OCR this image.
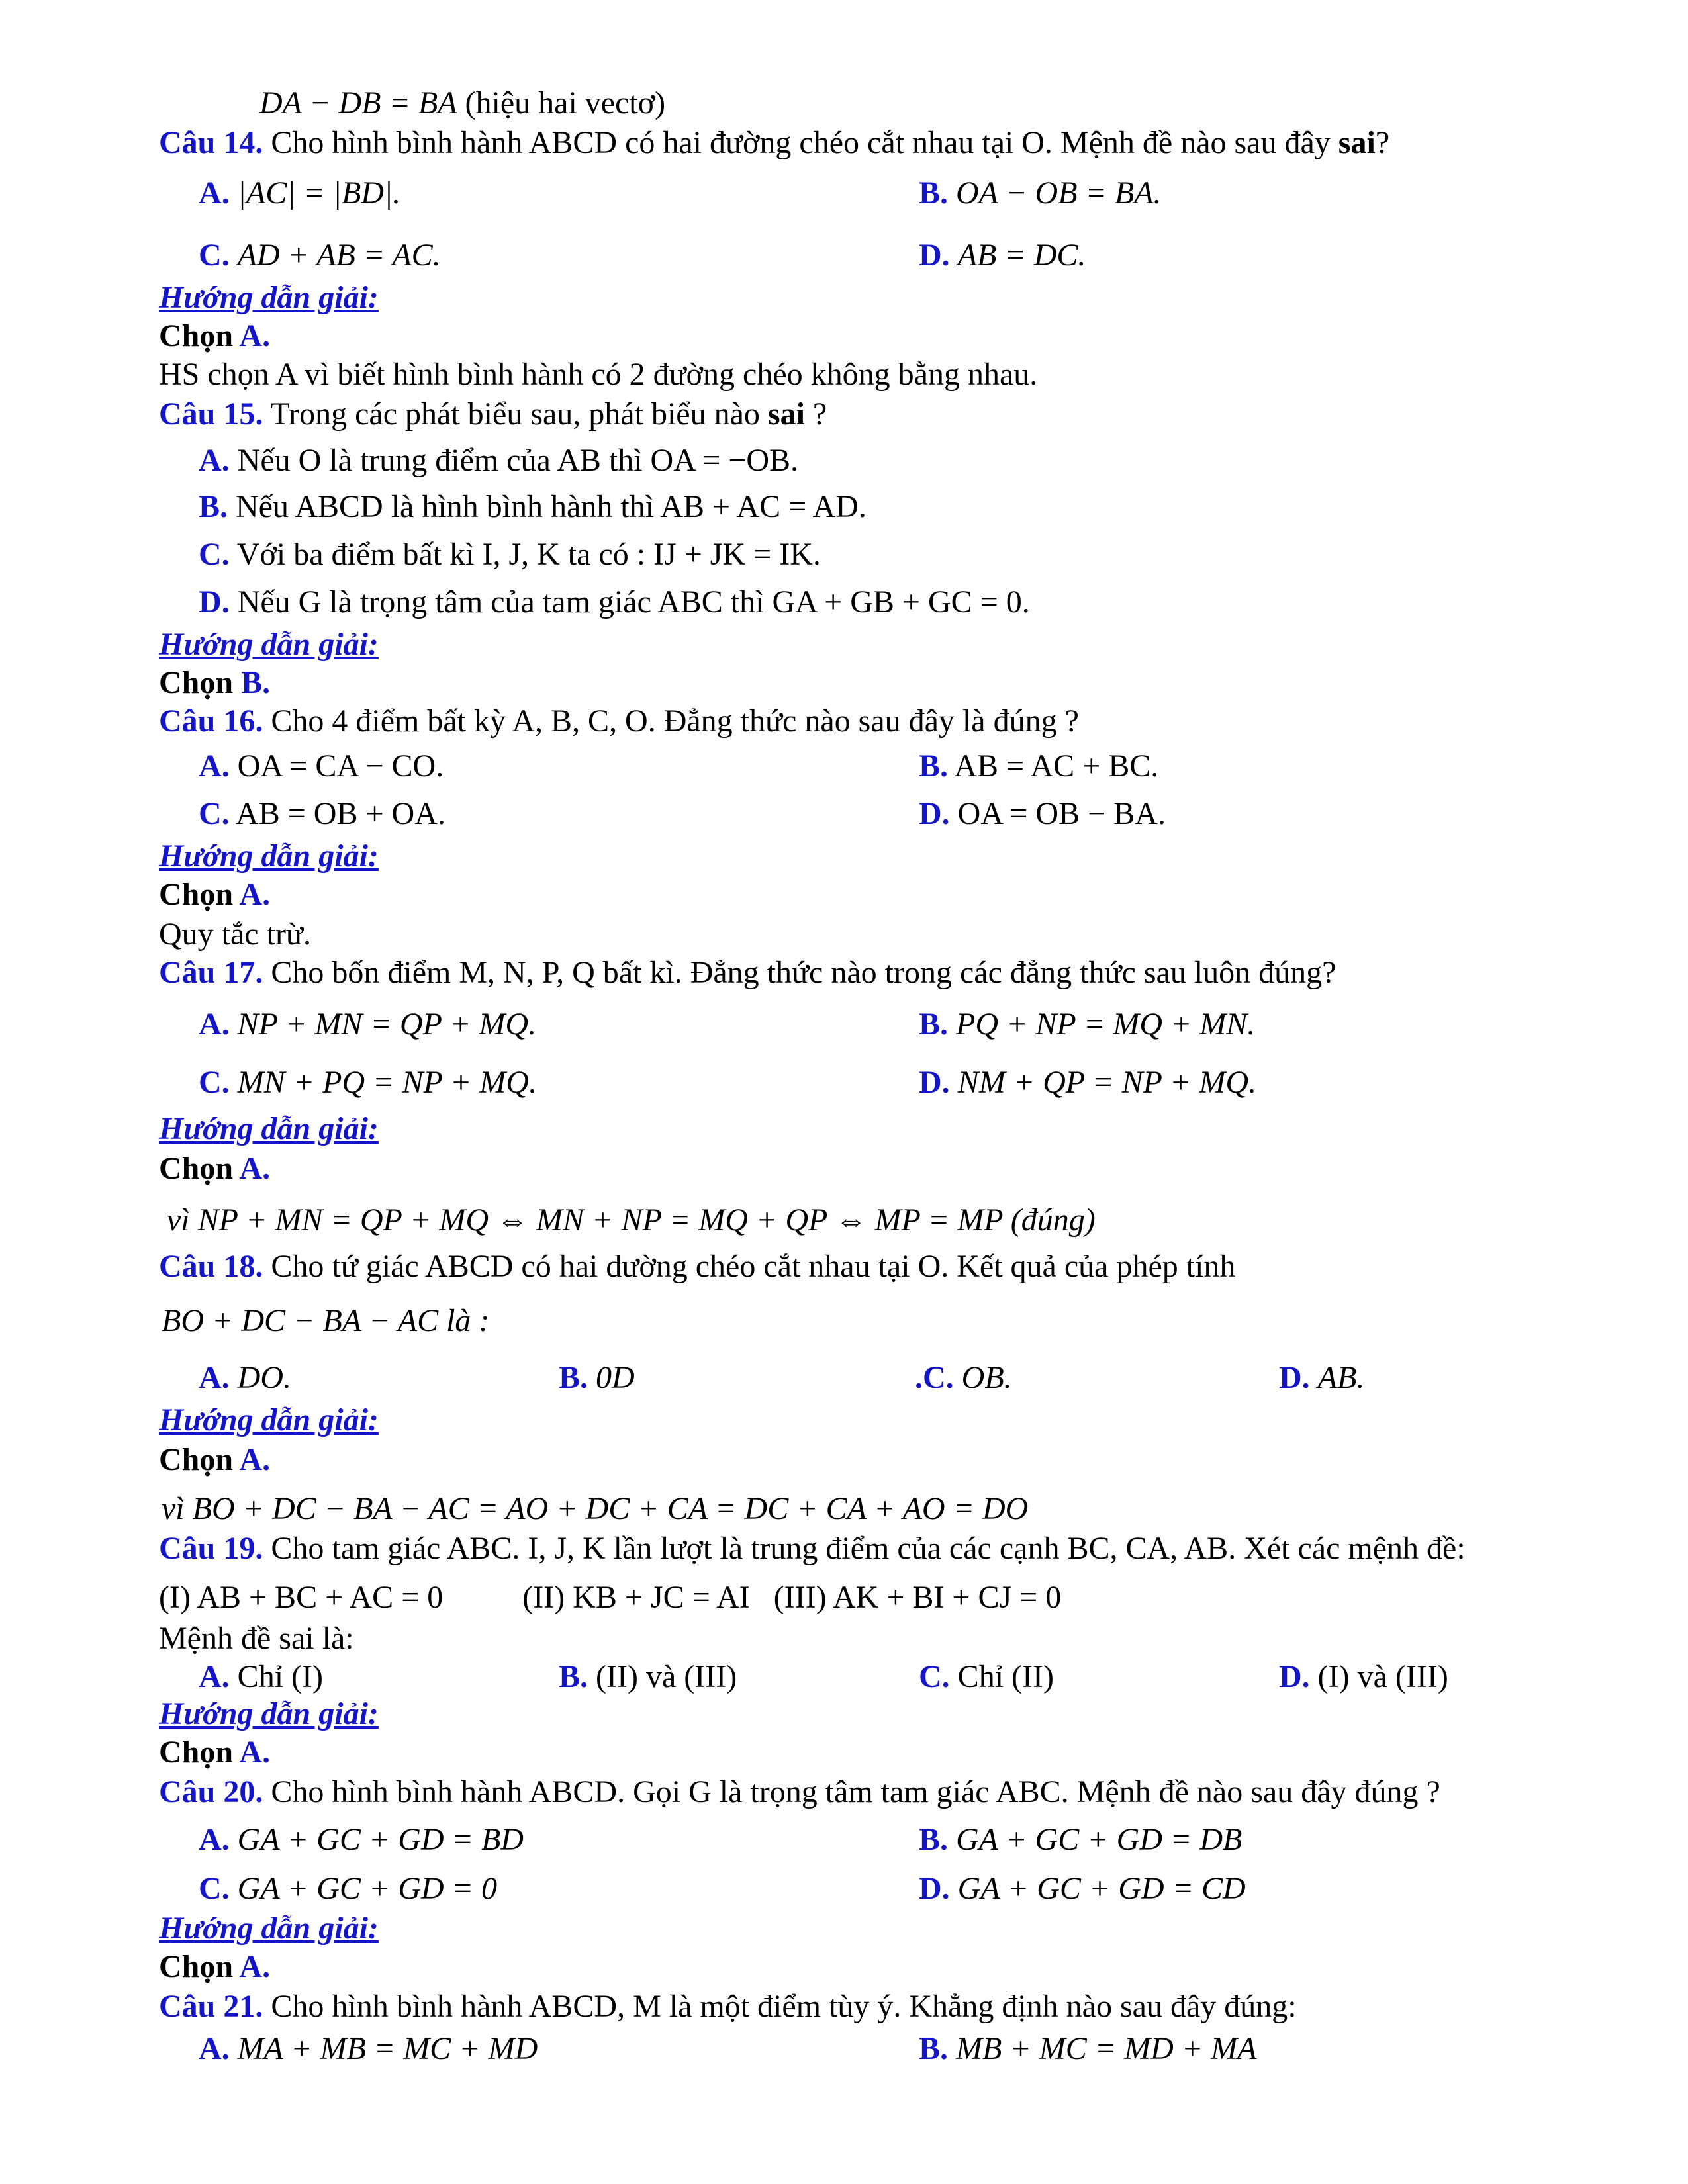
DA − DB = BA (hiệu hai vectơ)
Câu 14. Cho hình bình hành ABCD có hai đường chéo cắt nhau tại O. Mệnh đề nào sau đây sai?
A. |AC| = |BD|.	B. OA − OB = BA.
C. AD + AB = AC.	D. AB = DC.
Hướng dẫn giải:
Chọn A.
HS chọn A vì biết hình bình hành có 2 đường chéo không bằng nhau.
Câu 15. Trong các phát biểu sau, phát biểu nào sai ?
A. Nếu O là trung điểm của AB thì OA = −OB.
B. Nếu ABCD là hình bình hành thì AB + AC = AD.
C. Với ba điểm bất kì I, J, K ta có : IJ + JK = IK.
D. Nếu G là trọng tâm của tam giác ABC thì GA + GB + GC = 0.
Hướng dẫn giải:
Chọn B.
Câu 16. Cho 4 điểm bất kỳ A, B, C, O. Đẳng thức nào sau đây là đúng ?
A. OA = CA − CO.	B. AB = AC + BC.
C. AB = OB + OA.	D. OA = OB − BA.
Hướng dẫn giải:
Chọn A.
Quy tắc trừ.
Câu 17. Cho bốn điểm M, N, P, Q bất kì. Đẳng thức nào trong các đẳng thức sau luôn đúng?
A. NP + MN = QP + MQ.	B. PQ + NP = MQ + MN.
C. MN + PQ = NP + MQ.	D. NM + QP = NP + MQ.
Hướng dẫn giải:
Chọn A.
vì NP + MN = QP + MQ ⇔ MN + NP = MQ + QP ⇔ MP = MP (đúng)
Câu 18. Cho tứ giác ABCD có hai dường chéo cắt nhau tại O. Kết quả của phép tính
BO + DC − BA − AC là :
A. DO.	B. 0D	.C. OB.	D. AB.
Hướng dẫn giải:
Chọn A.
vì BO + DC − BA − AC = AO + DC + CA = DC + CA + AO = DO
Câu 19. Cho tam giác ABC. I, J, K lần lượt là trung điểm của các cạnh BC, CA, AB. Xét các mệnh đề:
(I) AB + BC + AC = 0          (II) KB + JC = AI   (III) AK + BI + CJ = 0
Mệnh đề sai là:
A. Chỉ (I)	B. (II) và (III)	C. Chỉ (II)	D. (I) và (III)
Hướng dẫn giải:
Chọn A.
Câu 20. Cho hình bình hành ABCD. Gọi G là trọng tâm tam giác ABC. Mệnh đề nào sau đây đúng ?
A. GA + GC + GD = BD	B. GA + GC + GD = DB
C. GA + GC + GD = 0	D. GA + GC + GD = CD
Hướng dẫn giải:
Chọn A.
Câu 21. Cho hình bình hành ABCD, M là một điểm tùy ý. Khẳng định nào sau đây đúng:
A. MA + MB = MC + MD	B. MB + MC = MD + MA
